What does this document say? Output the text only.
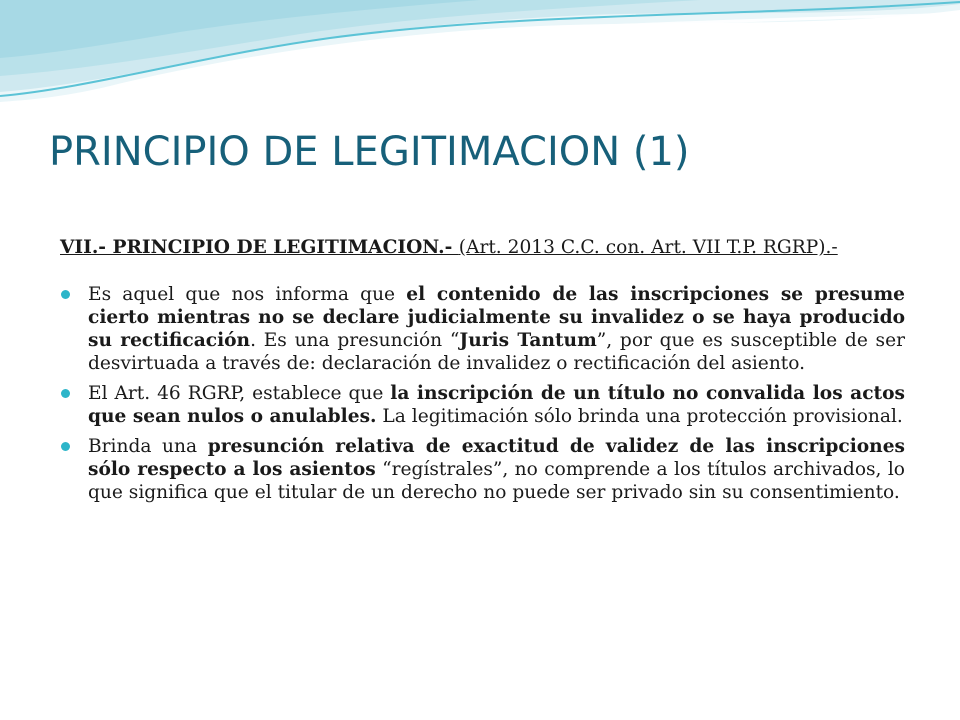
PRINCIPIO DE LEGITIMACION (1)

VII.- PRINCIPIO DE LEGITIMACION.- (Art. 2013 C.C. con. Art. VII T.P. RGRP).-

Es aquel que nos informa que el contenido de las inscripciones se presume cierto mientras no se declare judicialmente su invalidez o se haya producido su rectificación. Es una presunción “Juris Tantum”, por que es susceptible de ser desvirtuada a través de: declaración de invalidez o rectificación del asiento.
El Art. 46 RGRP, establece que la inscripción de un título no convalida los actos que sean nulos o anulables. La legitimación sólo brinda una protección provisional.
Brinda una presunción relativa de exactitud de validez de las inscripciones sólo respecto a los asientos “regístrales”, no comprende a los títulos archivados, lo que significa que el titular de un derecho no puede ser privado sin su consentimiento.
